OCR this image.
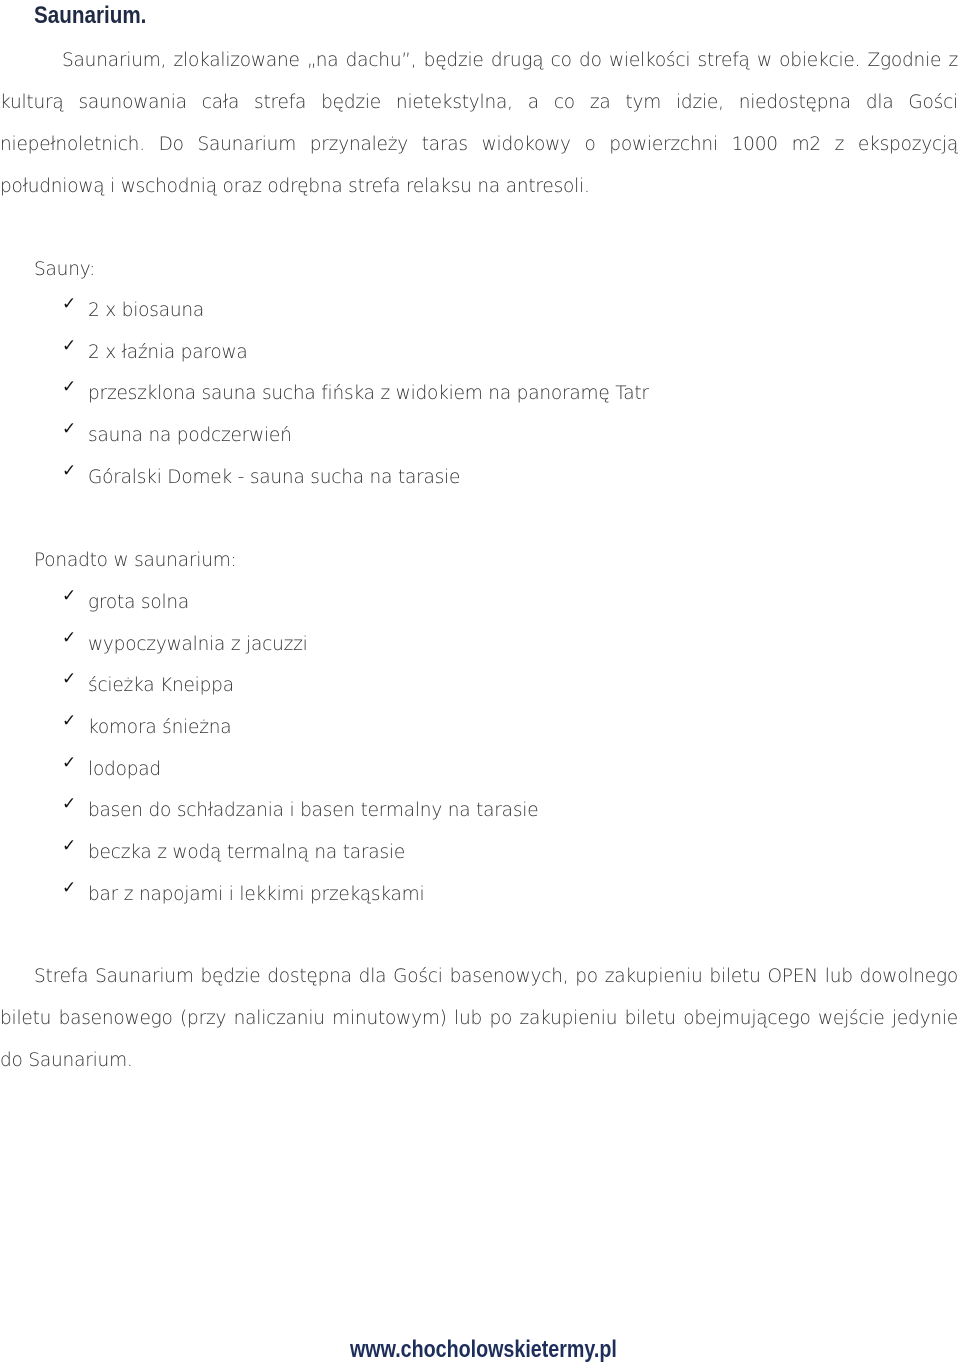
Saunarium.

Saunarium, zlokalizowane „na dachu”, będzie drugą co do wielkości strefą w obiekcie. Zgodnie z kulturą saunowania cała strefa będzie nietekstylna, a co za tym idzie, niedostępna dla Gości niepełnoletnich. Do Saunarium przynależy taras widokowy o powierzchni 1000 m2 z ekspozycją południową i wschodnią oraz odrębna strefa relaksu na antresoli.

Sauny:

✓ 2 x biosauna
✓ 2 x łaźnia parowa
✓ przeszklona sauna sucha fińska z widokiem na panoramę Tatr
✓ sauna na podczerwień
✓ Góralski Domek - sauna sucha na tarasie

Ponadto w saunarium:

✓ grota solna
✓ wypoczywalnia z jacuzzi
✓ ścieżka Kneippa
✓ komora śnieżna
✓ lodopad
✓ basen do schładzania i basen termalny na tarasie
✓ beczka z wodą termalną na tarasie
✓ bar z napojami i lekkimi przekąskami

Strefa Saunarium będzie dostępna dla Gości basenowych, po zakupieniu biletu OPEN lub dowolnego biletu basenowego (przy naliczaniu minutowym) lub po zakupieniu biletu obejmującego wejście jedynie do Saunarium.

www.chocholowskietermy.pl
